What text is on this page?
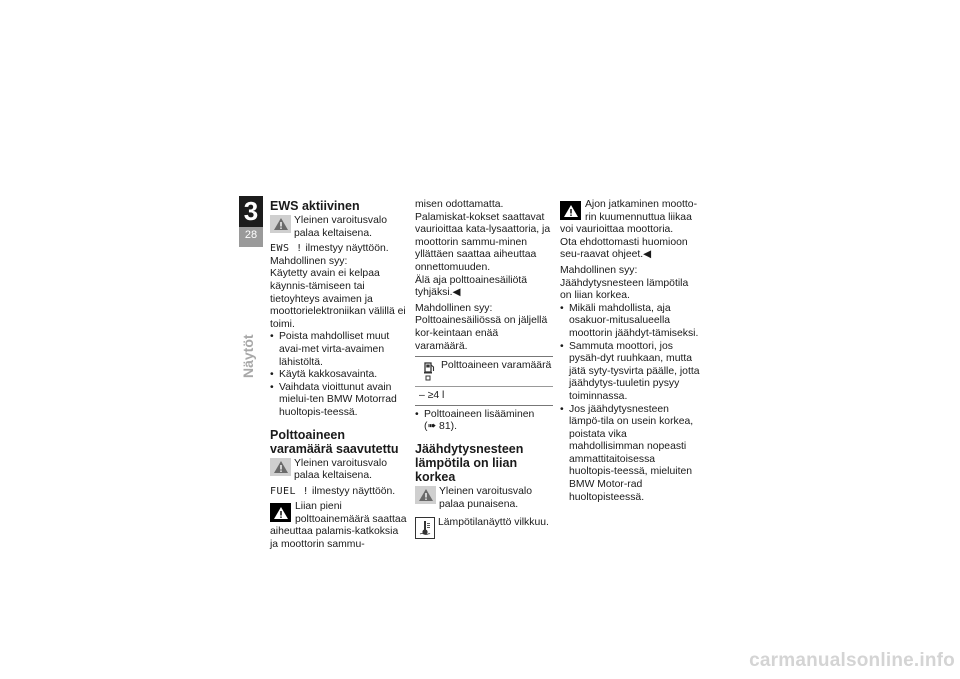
3
28
Näytöt
EWS aktiivinen
Yleinen varoitusvalo palaa keltaisena.

EWS ! ilmestyy näyttöön.

Mahdollinen syy:

Käytetty avain ei kelpaa käynnis-tämiseen tai tietoyhteys avaimen ja moottorielektroniikan välillä ei toimi.

• Poista mahdolliset muut avai-met virta-avaimen lähistöltä.
• Käytä kakkosavainta.
• Vaihdata vioittunut avain mielui-ten BMW Motorrad huoltopis-teessä.
Polttoaineen varamäärä saavutettu
Yleinen varoitusvalo palaa keltaisena.

FUEL ! ilmestyy näyttöön.

Liian pieni polttoainemäärä saattaa aiheuttaa palamis-katkoksia ja moottorin sammu-

misen odottamatta. Palamiskat-kokset saattavat vaurioittaa kata-lysaattoria, ja moottorin sammu-minen yllättäen saattaa aiheuttaa onnettomuuden.

Älä aja polttoainesäiliötä tyhjäksi.◀

Mahdollinen syy:

Polttoainesäiliössä on jäljellä kor-keintaan enää varamäärä.

Polttoaineen varamäärä
– ≥4 l
• Polttoaineen lisääminen
(➠ 81).
Jäähdytysnesteen lämpötila on liian korkea
Yleinen varoitusvalo palaa punaisena.
Lämpötilanäyttö vilkkuu.

Ajon jatkaminen mootto-rin kuumennuttua liikaa voi vaurioittaa moottoria.

Ota ehdottomasti huomioon seu-raavat ohjeet.◀

Mahdollinen syy:

Jäähdytysnesteen lämpötila on liian korkea.

• Mikäli mahdollista, aja osakuor-mitusalueella moottorin jäähdyt-tämiseksi.
• Sammuta moottori, jos pysäh-dyt ruuhkaan, mutta jätä syty-tysvirta päälle, jotta jäähdytys-tuuletin pysyy toiminnassa.
• Jos jäähdytysnesteen lämpö-tila on usein korkea, poistata vika mahdollisimman nopeasti ammattitaitoisessa huoltopis-teessä, mieluiten BMW Motor-rad huoltopisteessä.
carmanualsonline.info
